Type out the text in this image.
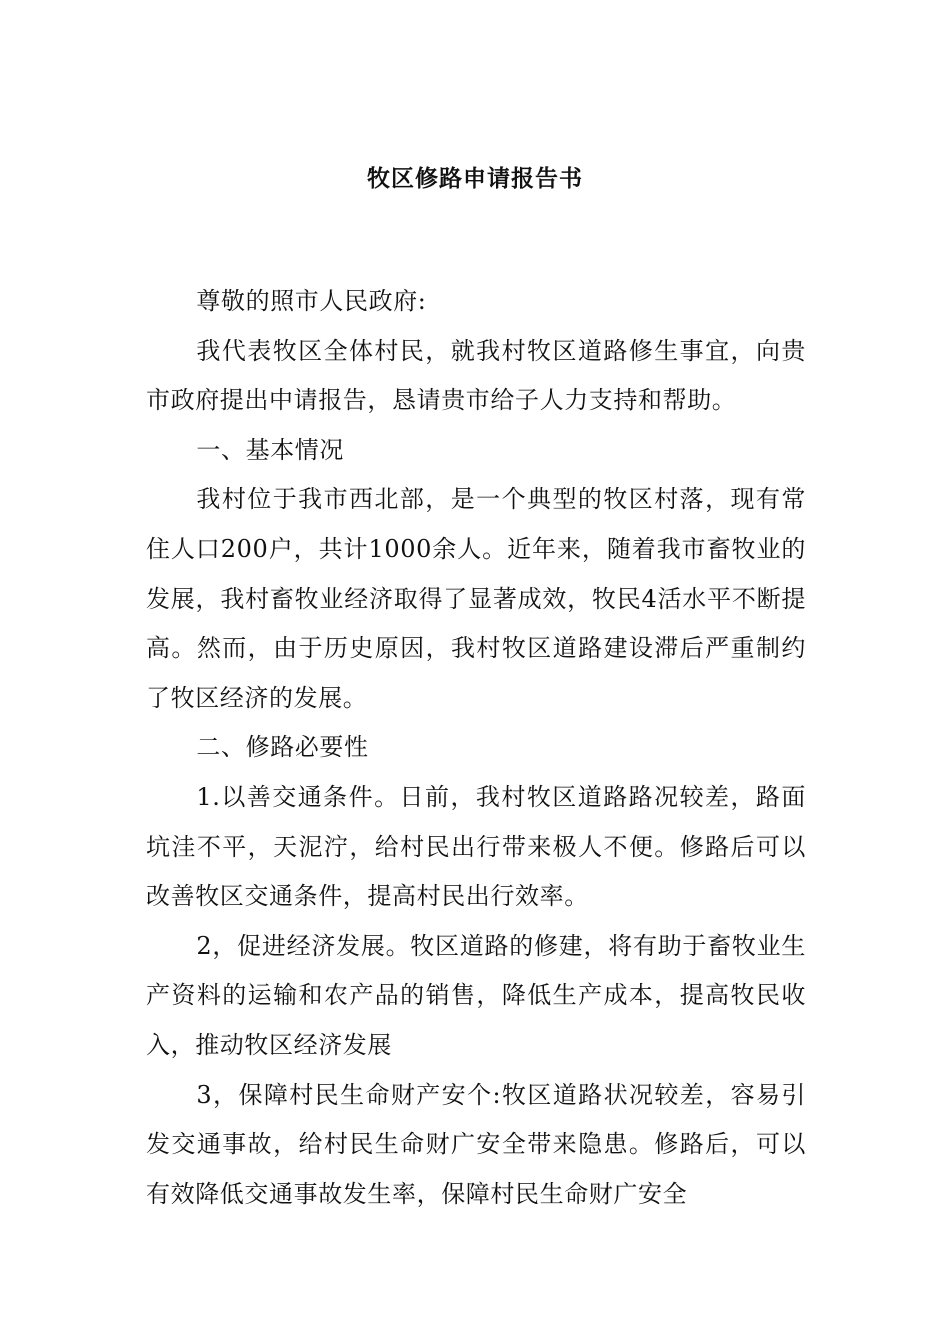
牧区修路申请报告书

尊敬的照市人民政府:

我代表牧区全体村民，就我村牧区道路修生事宜，向贵市政府提出中请报告，恳请贵市给子人力支持和帮助。

一、基本情况

我村位于我市西北部，是一个典型的牧区村落，现有常住人口200户，共计1000余人。近年来，随着我市畜牧业的发展，我村畜牧业经济取得了显著成效，牧民4活水平不断提高。然而，由于历史原因，我村牧区道路建设滞后严重制约了牧区经济的发展。

二、修路必要性

1.以善交通条件。日前，我村牧区道路路况较差，路面坑洼不平，天泥泞，给村民出行带来极人不便。修路后可以改善牧区交通条件，提高村民出行效率。

2，促进经济发展。牧区道路的修建，将有助于畜牧业生产资料的运输和农产品的销售，降低生产成本，提高牧民收入，推动牧区经济发展

3，保障村民生命财产安个:牧区道路状况较差，容易引发交通事故，给村民生命财广安全带来隐患。修路后，可以有效降低交通事故发生率，保障村民生命财广安全
